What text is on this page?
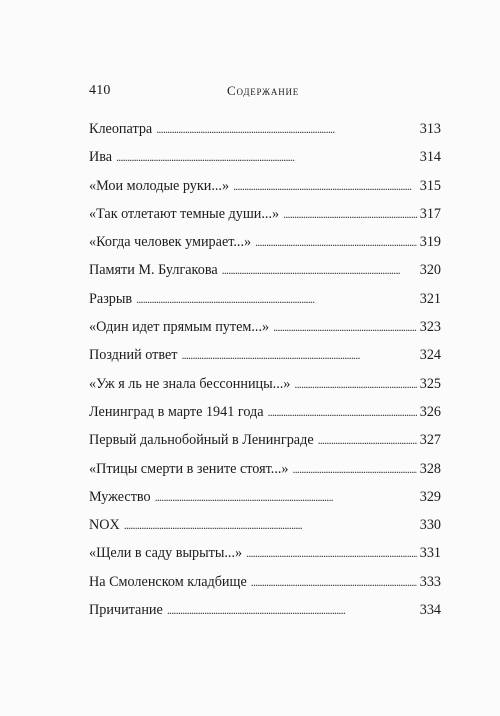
410	Содержание
Клеопатра . . .	313
Ива . . .	314
«Мои молодые руки...» . . .	315
«Так отлетают темные души...» . . .	317
«Когда человек умирает...» . . .	319
Памяти М. Булгакова . . .	320
Разрыв . . .	321
«Один идет прямым путем...» . . .	323
Поздний ответ . . .	324
«Уж я ль не знала бессонницы...» . . .	325
Ленинград в марте 1941 года . . .	326
Первый дальнобойный в Ленинграде . . .	327
«Птицы смерти в зените стоят...» . . .	328
Мужество . . .	329
NOX . . .	330
«Щели в саду вырыты...» . . .	331
На Смоленском кладбище . . .	333
Причитание . . .	334
